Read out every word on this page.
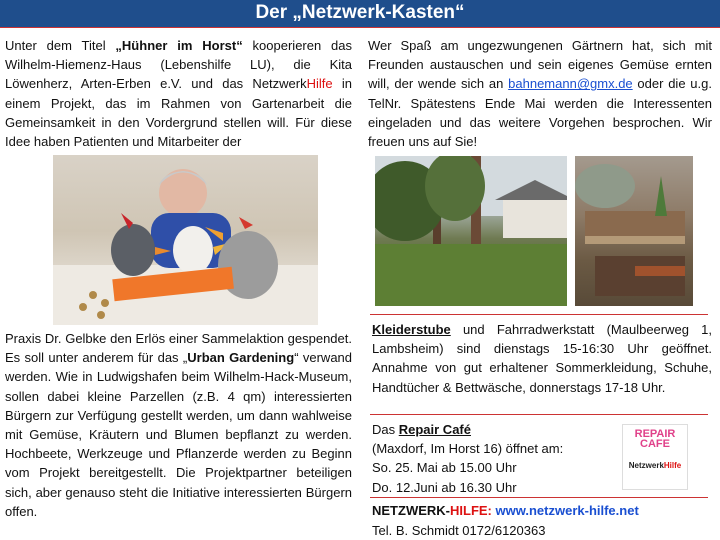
Der „Netzwerk-Kasten“

Unter dem Titel „Hühner im Horst“ kooperieren das Wilhelm-Hiemenz-Haus (Lebenshilfe LU), die Kita Löwenherz, Arten-Erben e.V. und das NetzwerkHilfe in einem Projekt, das im Rahmen von Gartenarbeit die Gemeinsamkeit in den Vordergrund stellen will. Für diese Idee haben Patienten und Mitarbeiter der

Praxis Dr. Gelbke den Erlös einer Sammelaktion gespendet. Es soll unter anderem für das „Urban Gardening“ verwand werden. Wie in Ludwigshafen beim Wilhelm-Hack-Museum, sollen dabei kleine Parzellen (z.B. 4 qm) interessierten Bürgern zur Verfügung gestellt werden, um dann wahlweise mit Gemüse, Kräutern und Blumen bepflanzt zu werden. Hochbeete, Werkzeuge und Pflanzerde werden zu Beginn vom Projekt bereitgestellt. Die Projektpartner beteiligen sich, aber genauso steht die Initiative interessierten Bürgern offen.

Wer Spaß am ungezwungenen Gärtnern hat, sich mit Freunden austauschen und sein eigenes Gemüse ernten will, der wende sich an bahnemann@gmx.de oder die u.g. TelNr. Spätestens Ende Mai werden die Interessenten eingeladen und das weitere Vorgehen besprochen. Wir freuen uns auf Sie!

Kleiderstube und Fahrradwerkstatt (Maulbeerweg 1, Lambsheim) sind dienstags 15-16:30 Uhr geöffnet. Annahme von gut erhaltener Sommerkleidung, Schuhe, Handtücher & Bettwäsche, donnerstags 17-18 Uhr.
Das Repair Café
(Maxdorf, Im Horst 16) öffnet am:
So. 25. Mai ab 15.00 Uhr
Do. 12.Juni ab 16.30 Uhr
REPAIR
CAFE
NetzwerkHilfe
NETZWERK-HILFE: www.netzwerk-hilfe.net
Tel. B. Schmidt 0172/6120363
